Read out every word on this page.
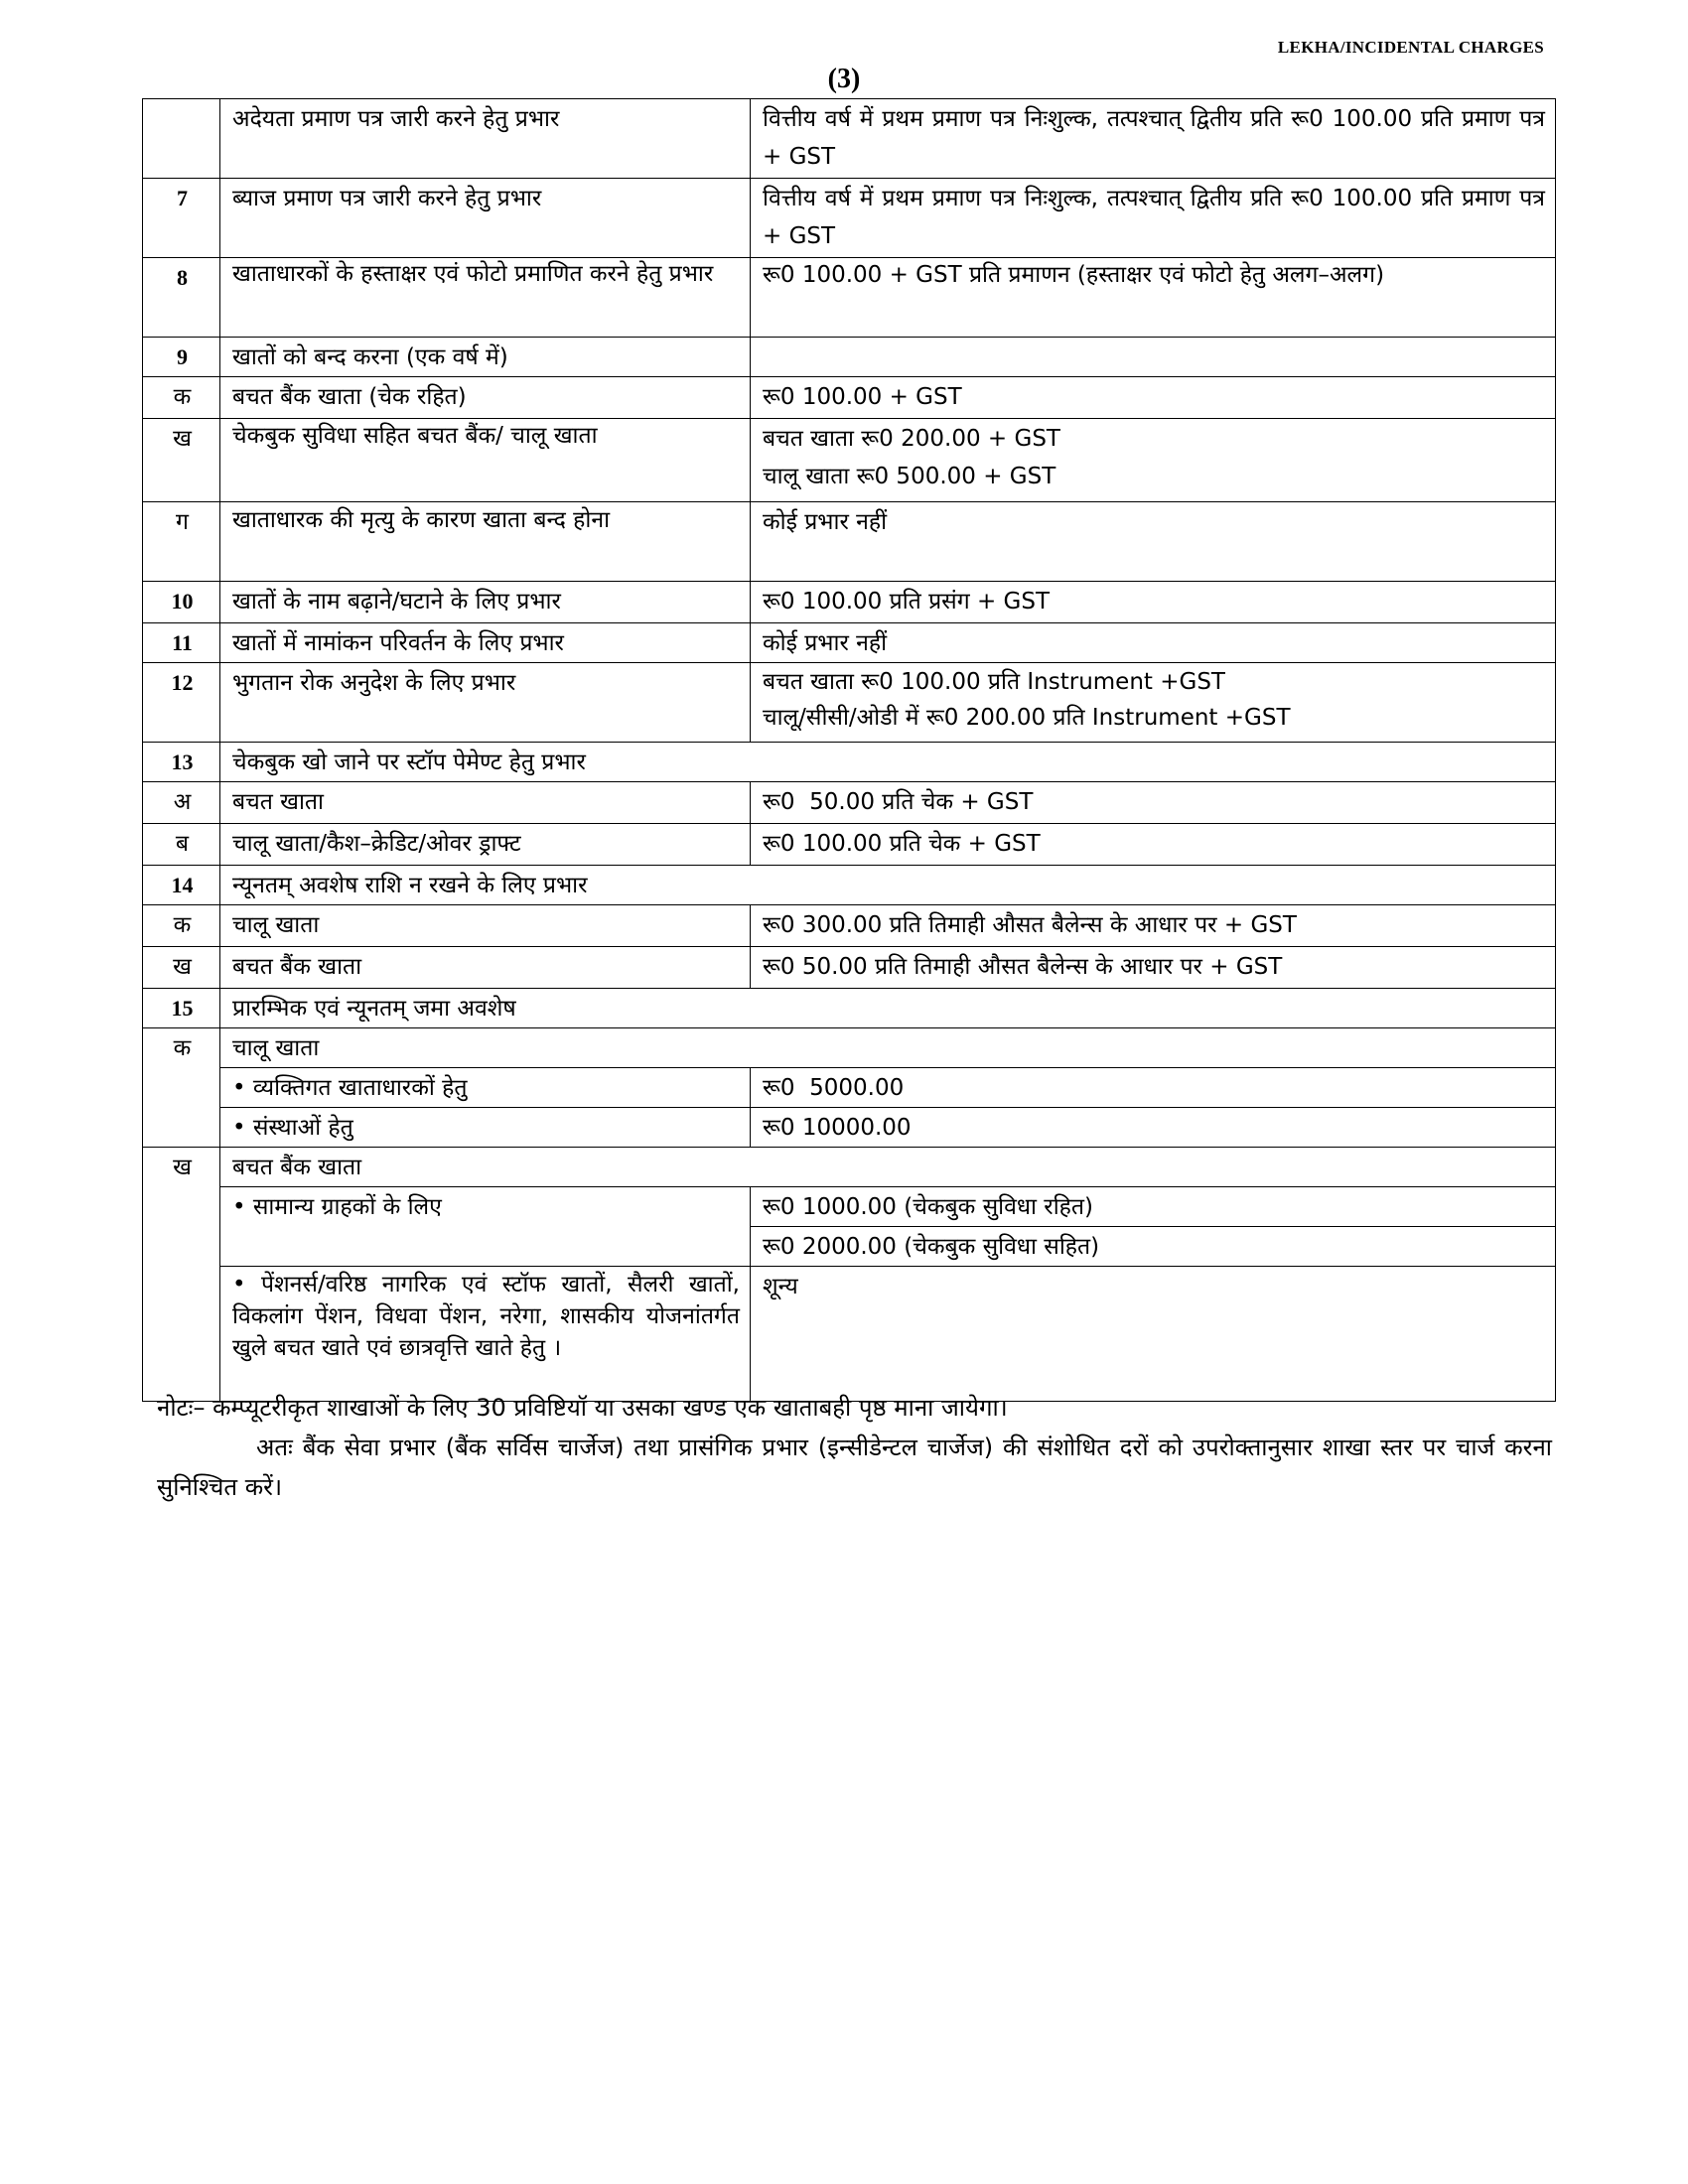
LEKHA/INCIDENTAL CHARGES
(3)
	अदेयता प्रमाण पत्र जारी करने हेतु प्रभार	वित्तीय वर्ष में प्रथम प्रमाण पत्र निःशुल्क, तत्पश्चात् द्वितीय प्रति रू0 100.00 प्रति प्रमाण पत्र + GST
7	ब्याज प्रमाण पत्र जारी करने हेतु प्रभार	वित्तीय वर्ष में प्रथम प्रमाण पत्र निःशुल्क, तत्पश्चात् द्वितीय प्रति रू0 100.00 प्रति प्रमाण पत्र + GST
8	खाताधारकों के हस्ताक्षर एवं फोटो प्रमाणित करने हेतु प्रभार	रू0 100.00 + GST प्रति प्रमाणन (हस्ताक्षर एवं फोटो हेतु अलग–अलग)
9	खातों को बन्द करना (एक वर्ष में)	
क	बचत बैंक खाता (चेक रहित)	रू0 100.00 + GST
ख	चेकबुक सुविधा सहित बचत बैंक/ चालू खाता	बचत खाता रू0 200.00 + GST
चालू खाता रू0 500.00 + GST

ग	खाताधारक की मृत्यु के कारण खाता बन्द होना	कोई प्रभार नहीं
10	खातों के नाम बढ़ाने/घटाने के लिए प्रभार	रू0 100.00 प्रति प्रसंग + GST
11	खातों में नामांकन परिवर्तन के लिए प्रभार	कोई प्रभार नहीं
12	भुगतान रोक अनुदेश के लिए प्रभार	बचत खाता रू0 100.00 प्रति Instrument +GST
चालू/सीसी/ओडी में रू0 200.00 प्रति Instrument +GST

13	चेकबुक खो जाने पर स्टॉप पेमेण्ट हेतु प्रभार	
अ	बचत खाता	रू0  50.00 प्रति चेक + GST
ब	चालू खाता/कैश–क्रेडिट/ओवर ड्राफ्ट	रू0 100.00 प्रति चेक + GST
14	न्यूनतम् अवशेष राशि न रखने के लिए प्रभार	
क	चालू खाता	रू0 300.00 प्रति तिमाही औसत बैलेन्स के आधार पर + GST
ख	बचत बैंक खाता	रू0 50.00 प्रति तिमाही औसत बैलेन्स के आधार पर + GST
15	प्रारम्भिक एवं न्यूनतम् जमा अवशेष	
क	चालू खाता	
	• व्यक्तिगत खाताधारकों हेतु	रू0  5000.00
	• संस्थाओं हेतु	रू0 10000.00
ख	बचत बैंक खाता	
	• सामान्य ग्राहकों के लिए	रू0 1000.00 (चेकबुक सुविधा रहित)
		रू0 2000.00 (चेकबुक सुविधा सहित)
	• पेंशनर्स/वरिष्ठ नागरिक एवं स्टॉफ खातों, सैलरी खातों, विकलांग पेंशन, विधवा पेंशन, नरेगा, शासकीय योजनांतर्गत खुले बचत खाते एवं छात्रवृत्ति खाते हेतु ।	शून्य

नोटः– कम्प्यूटरीकृत शाखाओं के लिए 30 प्रविष्टियॉ या उसका खण्ड एक खाताबही पृष्ठ माना जायेगा।

अतः बैंक सेवा प्रभार (बैंक सर्विस चार्जेज) तथा प्रासंगिक प्रभार (इन्सीडेन्टल चार्जेज) की संशोधित दरों को उपरोक्तानुसार शाखा स्तर पर चार्ज करना सुनिश्चित करें।
